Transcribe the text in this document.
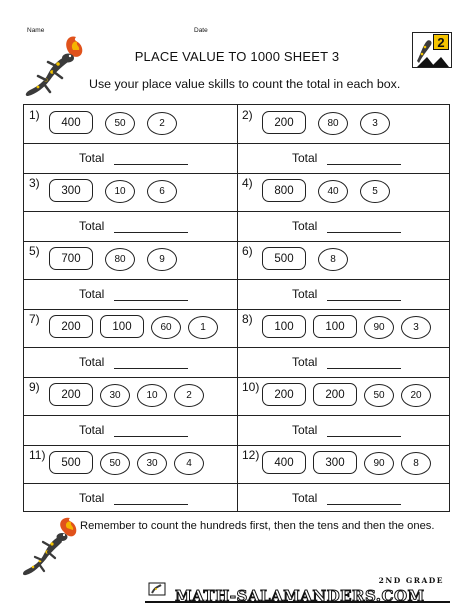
Name	Date
2
PLACE VALUE TO 1000 SHEET 3
Use your place value skills to count the total in each box.
1)
400	50	2
Total
2)
200	80	3
Total
3)
300	10	6
Total
4)
800	40	5
Total
5)
700	80	9
Total
6)
500	8
Total
7)
200	100	60	1
Total
8)
100	100	90	3
Total
9)
200	30	10	2
Total
10)
200	200	50	20
Total
11)
500	50	30	4
Total
12)
400	300	90	8
Total
Remember to count the hundreds first, then the tens and then the ones.
2ND GRADE
MATH-SALAMANDERS.COM
